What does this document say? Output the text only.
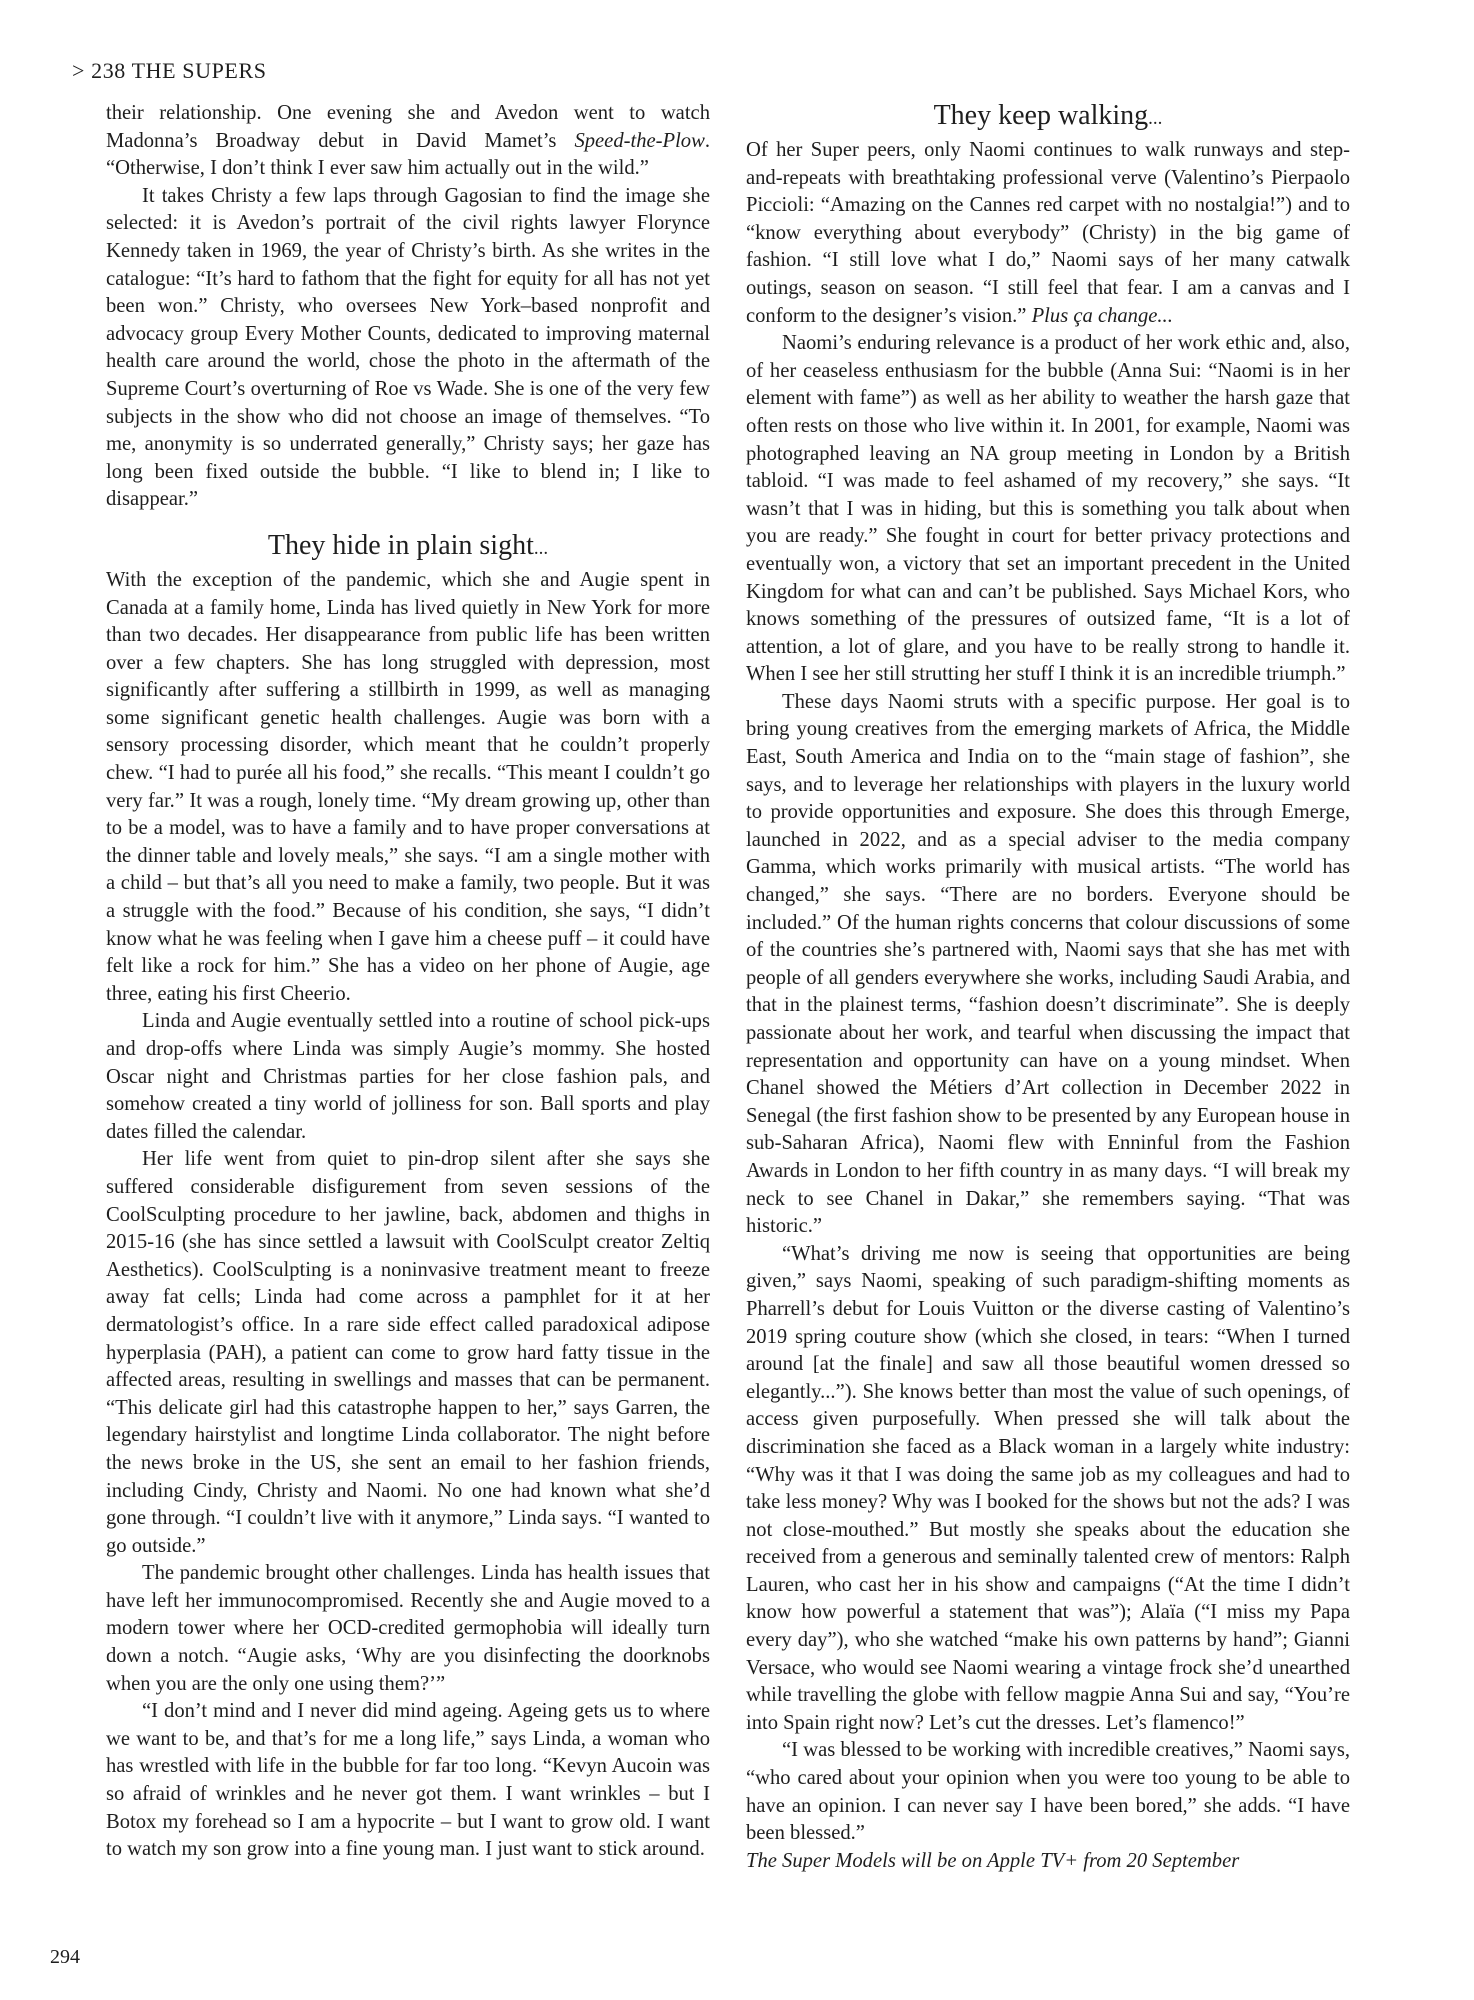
> 238 THE SUPERS

their relationship. One evening she and Avedon went to watch Madonna’s Broadway debut in David Mamet’s Speed-the-Plow. “Otherwise, I don’t think I ever saw him actually out in the wild.”

It takes Christy a few laps through Gagosian to find the image she selected: it is Avedon’s portrait of the civil rights lawyer Florynce Kennedy taken in 1969, the year of Christy’s birth. As she writes in the catalogue: “It’s hard to fathom that the fight for equity for all has not yet been won.” Christy, who oversees New York–based nonprofit and advocacy group Every Mother Counts, dedicated to improving maternal health care around the world, chose the photo in the aftermath of the Supreme Court’s overturning of Roe vs Wade. She is one of the very few subjects in the show who did not choose an image of themselves. “To me, anonymity is so underrated generally,” Christy says; her gaze has long been fixed outside the bubble. “I like to blend in; I like to disappear.”

They hide in plain sight...

With the exception of the pandemic, which she and Augie spent in Canada at a family home, Linda has lived quietly in New York for more than two decades. Her disappearance from public life has been written over a few chapters. She has long struggled with depression, most significantly after suffering a stillbirth in 1999, as well as managing some significant genetic health challenges. Augie was born with a sensory processing disorder, which meant that he couldn’t properly chew. “I had to purée all his food,” she recalls. “This meant I couldn’t go very far.” It was a rough, lonely time. “My dream growing up, other than to be a model, was to have a family and to have proper conversations at the dinner table and lovely meals,” she says. “I am a single mother with a child – but that’s all you need to make a family, two people. But it was a struggle with the food.” Because of his condition, she says, “I didn’t know what he was feeling when I gave him a cheese puff – it could have felt like a rock for him.” She has a video on her phone of Augie, age three, eating his first Cheerio.

Linda and Augie eventually settled into a routine of school pick-ups and drop-offs where Linda was simply Augie’s mommy. She hosted Oscar night and Christmas parties for her close fashion pals, and somehow created a tiny world of jolliness for son. Ball sports and play dates filled the calendar.

Her life went from quiet to pin-drop silent after she says she suffered considerable disfigurement from seven sessions of the CoolSculpting procedure to her jawline, back, abdomen and thighs in 2015-16 (she has since settled a lawsuit with CoolSculpt creator Zeltiq Aesthetics). CoolSculpting is a noninvasive treatment meant to freeze away fat cells; Linda had come across a pamphlet for it at her dermatologist’s office. In a rare side effect called paradoxical adipose hyperplasia (PAH), a patient can come to grow hard fatty tissue in the affected areas, resulting in swellings and masses that can be permanent. “This delicate girl had this catastrophe happen to her,” says Garren, the legendary hairstylist and longtime Linda collaborator. The night before the news broke in the US, she sent an email to her fashion friends, including Cindy, Christy and Naomi. No one had known what she’d gone through. “I couldn’t live with it anymore,” Linda says. “I wanted to go outside.”

The pandemic brought other challenges. Linda has health issues that have left her immunocompromised. Recently she and Augie moved to a modern tower where her OCD-credited germophobia will ideally turn down a notch. “Augie asks, ‘Why are you disinfecting the doorknobs when you are the only one using them?’”

“I don’t mind and I never did mind ageing. Ageing gets us to where we want to be, and that’s for me a long life,” says Linda, a woman who has wrestled with life in the bubble for far too long. “Kevyn Aucoin was so afraid of wrinkles and he never got them. I want wrinkles – but I Botox my forehead so I am a hypocrite – but I want to grow old. I want to watch my son grow into a fine young man. I just want to stick around.

They keep walking...

Of her Super peers, only Naomi continues to walk runways and step-and-repeats with breathtaking professional verve (Valentino’s Pierpaolo Piccioli: “Amazing on the Cannes red carpet with no nostalgia!”) and to “know everything about everybody” (Christy) in the big game of fashion. “I still love what I do,” Naomi says of her many catwalk outings, season on season. “I still feel that fear. I am a canvas and I conform to the designer’s vision.” Plus ça change...

Naomi’s enduring relevance is a product of her work ethic and, also, of her ceaseless enthusiasm for the bubble (Anna Sui: “Naomi is in her element with fame”) as well as her ability to weather the harsh gaze that often rests on those who live within it. In 2001, for example, Naomi was photographed leaving an NA group meeting in London by a British tabloid. “I was made to feel ashamed of my recovery,” she says. “It wasn’t that I was in hiding, but this is something you talk about when you are ready.” She fought in court for better privacy protections and eventually won, a victory that set an important precedent in the United Kingdom for what can and can’t be published. Says Michael Kors, who knows something of the pressures of outsized fame, “It is a lot of attention, a lot of glare, and you have to be really strong to handle it. When I see her still strutting her stuff I think it is an incredible triumph.”

These days Naomi struts with a specific purpose. Her goal is to bring young creatives from the emerging markets of Africa, the Middle East, South America and India on to the “main stage of fashion”, she says, and to leverage her relationships with players in the luxury world to provide opportunities and exposure. She does this through Emerge, launched in 2022, and as a special adviser to the media company Gamma, which works primarily with musical artists. “The world has changed,” she says. “There are no borders. Everyone should be included.” Of the human rights concerns that colour discussions of some of the countries she’s partnered with, Naomi says that she has met with people of all genders everywhere she works, including Saudi Arabia, and that in the plainest terms, “fashion doesn’t discriminate”. She is deeply passionate about her work, and tearful when discussing the impact that representation and opportunity can have on a young mindset. When Chanel showed the Métiers d’Art collection in December 2022 in Senegal (the first fashion show to be presented by any European house in sub-Saharan Africa), Naomi flew with Enninful from the Fashion Awards in London to her fifth country in as many days. “I will break my neck to see Chanel in Dakar,” she remembers saying. “That was historic.”

“What’s driving me now is seeing that opportunities are being given,” says Naomi, speaking of such paradigm-shifting moments as Pharrell’s debut for Louis Vuitton or the diverse casting of Valentino’s 2019 spring couture show (which she closed, in tears: “When I turned around [at the finale] and saw all those beautiful women dressed so elegantly...”). She knows better than most the value of such openings, of access given purposefully. When pressed she will talk about the discrimination she faced as a Black woman in a largely white industry: “Why was it that I was doing the same job as my colleagues and had to take less money? Why was I booked for the shows but not the ads? I was not close-mouthed.” But mostly she speaks about the education she received from a generous and seminally talented crew of mentors: Ralph Lauren, who cast her in his show and campaigns (“At the time I didn’t know how powerful a statement that was”); Alaïa (“I miss my Papa every day”), who she watched “make his own patterns by hand”; Gianni Versace, who would see Naomi wearing a vintage frock she’d unearthed while travelling the globe with fellow magpie Anna Sui and say, “You’re into Spain right now? Let’s cut the dresses. Let’s flamenco!”

“I was blessed to be working with incredible creatives,” Naomi says, “who cared about your opinion when you were too young to be able to have an opinion. I can never say I have been bored,” she adds. “I have been blessed.”

The Super Models will be on Apple TV+ from 20 September

294
